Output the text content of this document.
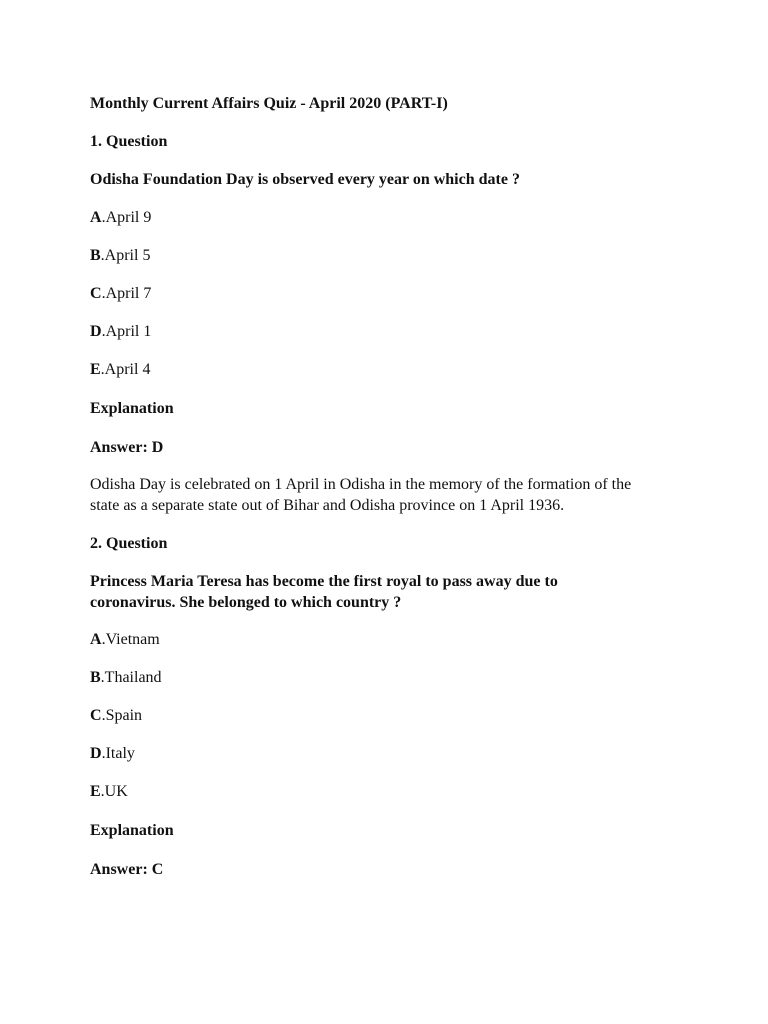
Monthly Current Affairs Quiz - April 2020 (PART-I)
1. Question
Odisha Foundation Day is observed every year on which date ?
A.April 9
B.April 5
C.April 7
D.April 1
E.April 4
Explanation
Answer: D
Odisha Day is celebrated on 1 April in Odisha in the memory of the formation of the
state as a separate state out of Bihar and Odisha province on 1 April 1936.
2. Question
Princess Maria Teresa has become the first royal to pass away due to
coronavirus. She belonged to which country ?
A.Vietnam
B.Thailand
C.Spain
D.Italy
E.UK
Explanation
Answer: C
